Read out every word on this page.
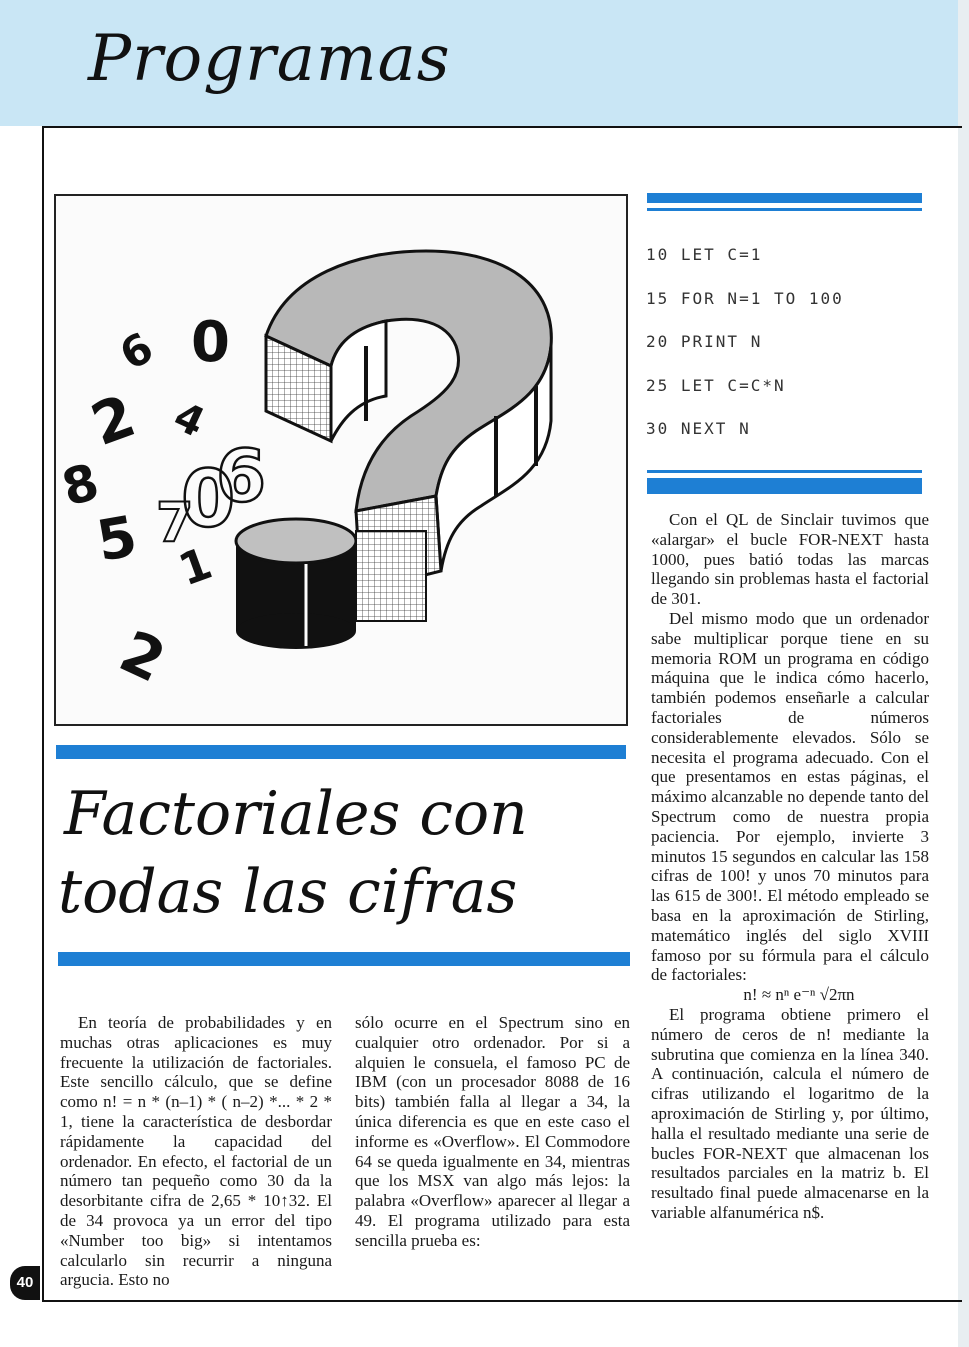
Programas
6 0
2 4
8
5 7
0
6
2
1
10 LET C=1
15 FOR N=1 TO 100
20 PRINT N
25 LET C=C*N
30 NEXT N
Factoriales con
todas las cifras

En teoría de probabilidades y en muchas otras aplicaciones es muy frecuente la utilización de factoriales. Este sencillo cálculo, que se define como n! = n * (n–1) * ( n–2) *... * 2 * 1, tiene la característica de desbordar rápidamente la capacidad del ordenador. En efecto, el factorial de un número tan pequeño como 30 da la desorbitante cifra de 2,65 * 10↑32. El de 34 provoca ya un error del tipo «Number too big» si intentamos calcularlo sin recurrir a ninguna argucia. Esto no

sólo ocurre en el Spectrum sino en cualquier otro ordenador. Por si a alquien le consuela, el famoso PC de IBM (con un procesador 8088 de 16 bits) también falla al llegar a 34, la única diferencia es que en este caso el informe es «Overflow». El Commodore 64 se queda igualmente en 34, mientras que los MSX van algo más lejos: la palabra «Overflow» aparecer al llegar a 49. El programa utilizado para esta sencilla prueba es:

Con el QL de Sinclair tuvimos que «alargar» el bucle FOR-NEXT hasta 1000, pues batió todas las marcas llegando sin problemas hasta el factorial de 301.

Del mismo modo que un ordenador sabe multiplicar porque tiene en su memoria ROM un programa en código máquina que le indica cómo hacerlo, también podemos enseñarle a calcular factoriales de números considerablemente elevados. Sólo se necesita el programa adecuado. Con el que presentamos en estas páginas, el máximo alcanzable no depende tanto del Spectrum como de nuestra propia paciencia. Por ejemplo, invierte 3 minutos 15 segundos en calcular las 158 cifras de 100! y unos 70 minutos para las 615 de 300!. El método empleado se basa en la aproximación de Stirling, matemático inglés del siglo XVIII famoso por su fórmula para el cálculo de factoriales:

n! ≈ nⁿ e⁻ⁿ √2πn

El programa obtiene primero el número de ceros de n! mediante la subrutina que comienza en la línea 340. A continuación, calcula el número de cifras utilizando el logaritmo de la aproximación de Stirling y, por último, halla el resultado mediante una serie de bucles FOR-NEXT que almacenan los resultados parciales en la matriz b. El resultado final puede almacenarse en la variable alfanumérica n$.

40
